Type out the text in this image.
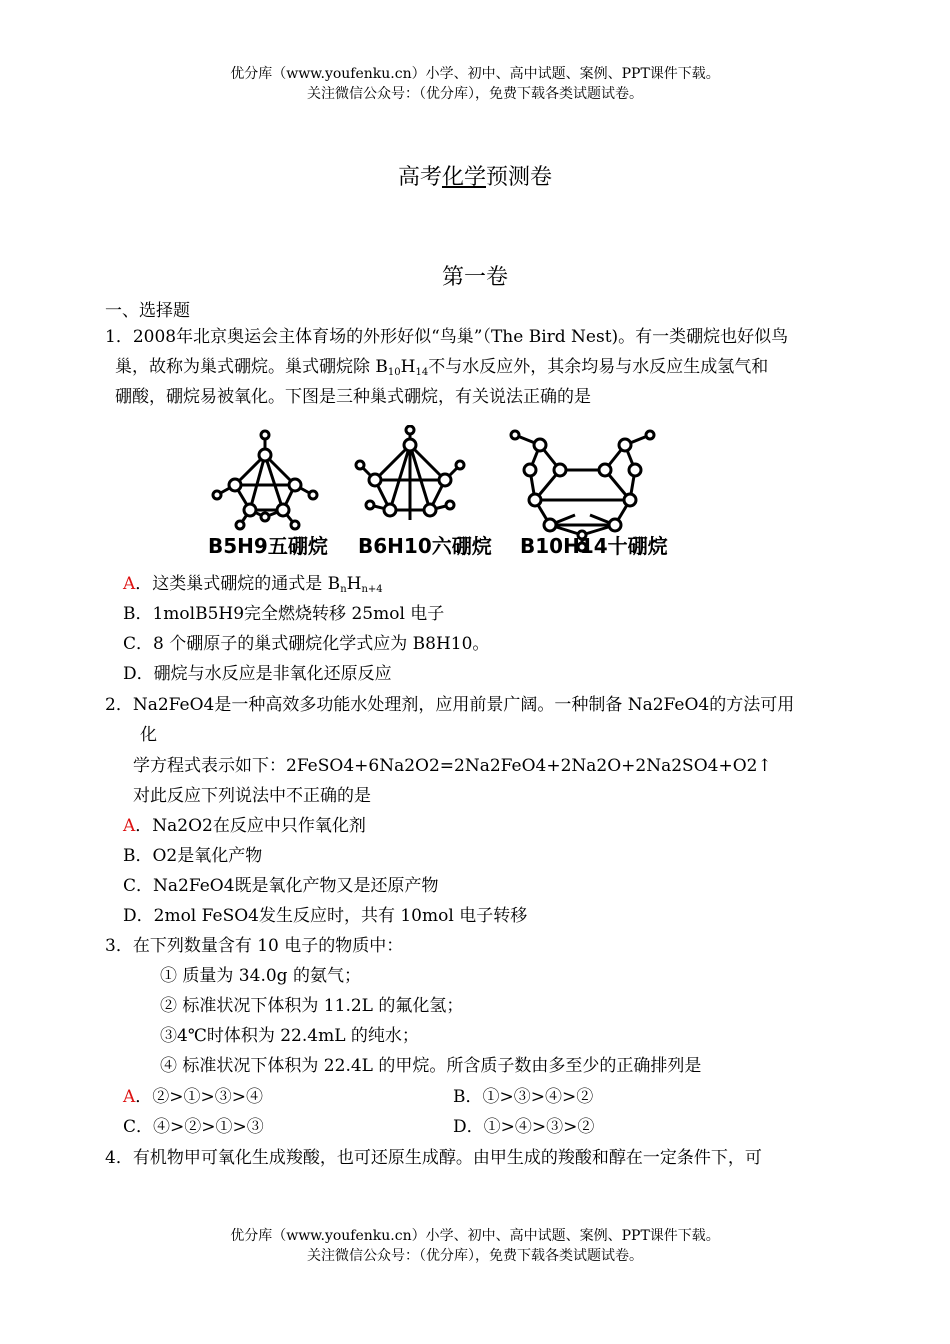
优分库（www.youfenku.cn）小学、初中、高中试题、案例、PPT课件下载。
关注微信公众号：（优分库），免费下载各类试题试卷。
高考化学预测卷
第一卷
一、选择题
1．2008年北京奥运会主体育场的外形好似“鸟巢”（The Bird Nest)。有一类硼烷也好似鸟
巢，故称为巢式硼烷。巢式硼烷除 $B_{10}H_{14}$不与水反应外，其余均易与水反应生成氢气和
硼酸，硼烷易被氧化。下图是三种巢式硼烷，有关说法正确的是
B5H9五硼烷 B6H10六硼烷 B10H14十硼烷
A．这类巢式硼烷的通式是 $B_nH_{n+4}$
B．1molB5H9完全燃烧转移 25mol 电子
C．8 个硼原子的巢式硼烷化学式应为 B8H10。
D．硼烷与水反应是非氧化还原反应
2．Na2FeO4是一种高效多功能水处理剂，应用前景广阔。一种制备 Na2FeO4的方法可用
化
学方程式表示如下：2FeSO4+6Na2O2=2Na2FeO4+2Na2O+2Na2SO4+O2↑
对此反应下列说法中不正确的是
A．Na2O2在反应中只作氧化剂
B．O2是氧化产物
C．Na2FeO4既是氧化产物又是还原产物
D．2mol FeSO4发生反应时，共有 10mol 电子转移
3．在下列数量含有 10 电子的物质中：
① 质量为 34.0g 的氨气；
② 标准状况下体积为 11.2L 的氟化氢；
③4℃时体积为 22.4mL 的纯水；
④ 标准状况下体积为 22.4L 的甲烷。所含质子数由多至少的正确排列是
A．②>①>③>④	B．①>③>④>②
C．④>②>①>③	D．①>④>③>②
4．有机物甲可氧化生成羧酸，也可还原生成醇。由甲生成的羧酸和醇在一定条件下，可
优分库（www.youfenku.cn）小学、初中、高中试题、案例、PPT课件下载。
关注微信公众号：（优分库），免费下载各类试题试卷。
